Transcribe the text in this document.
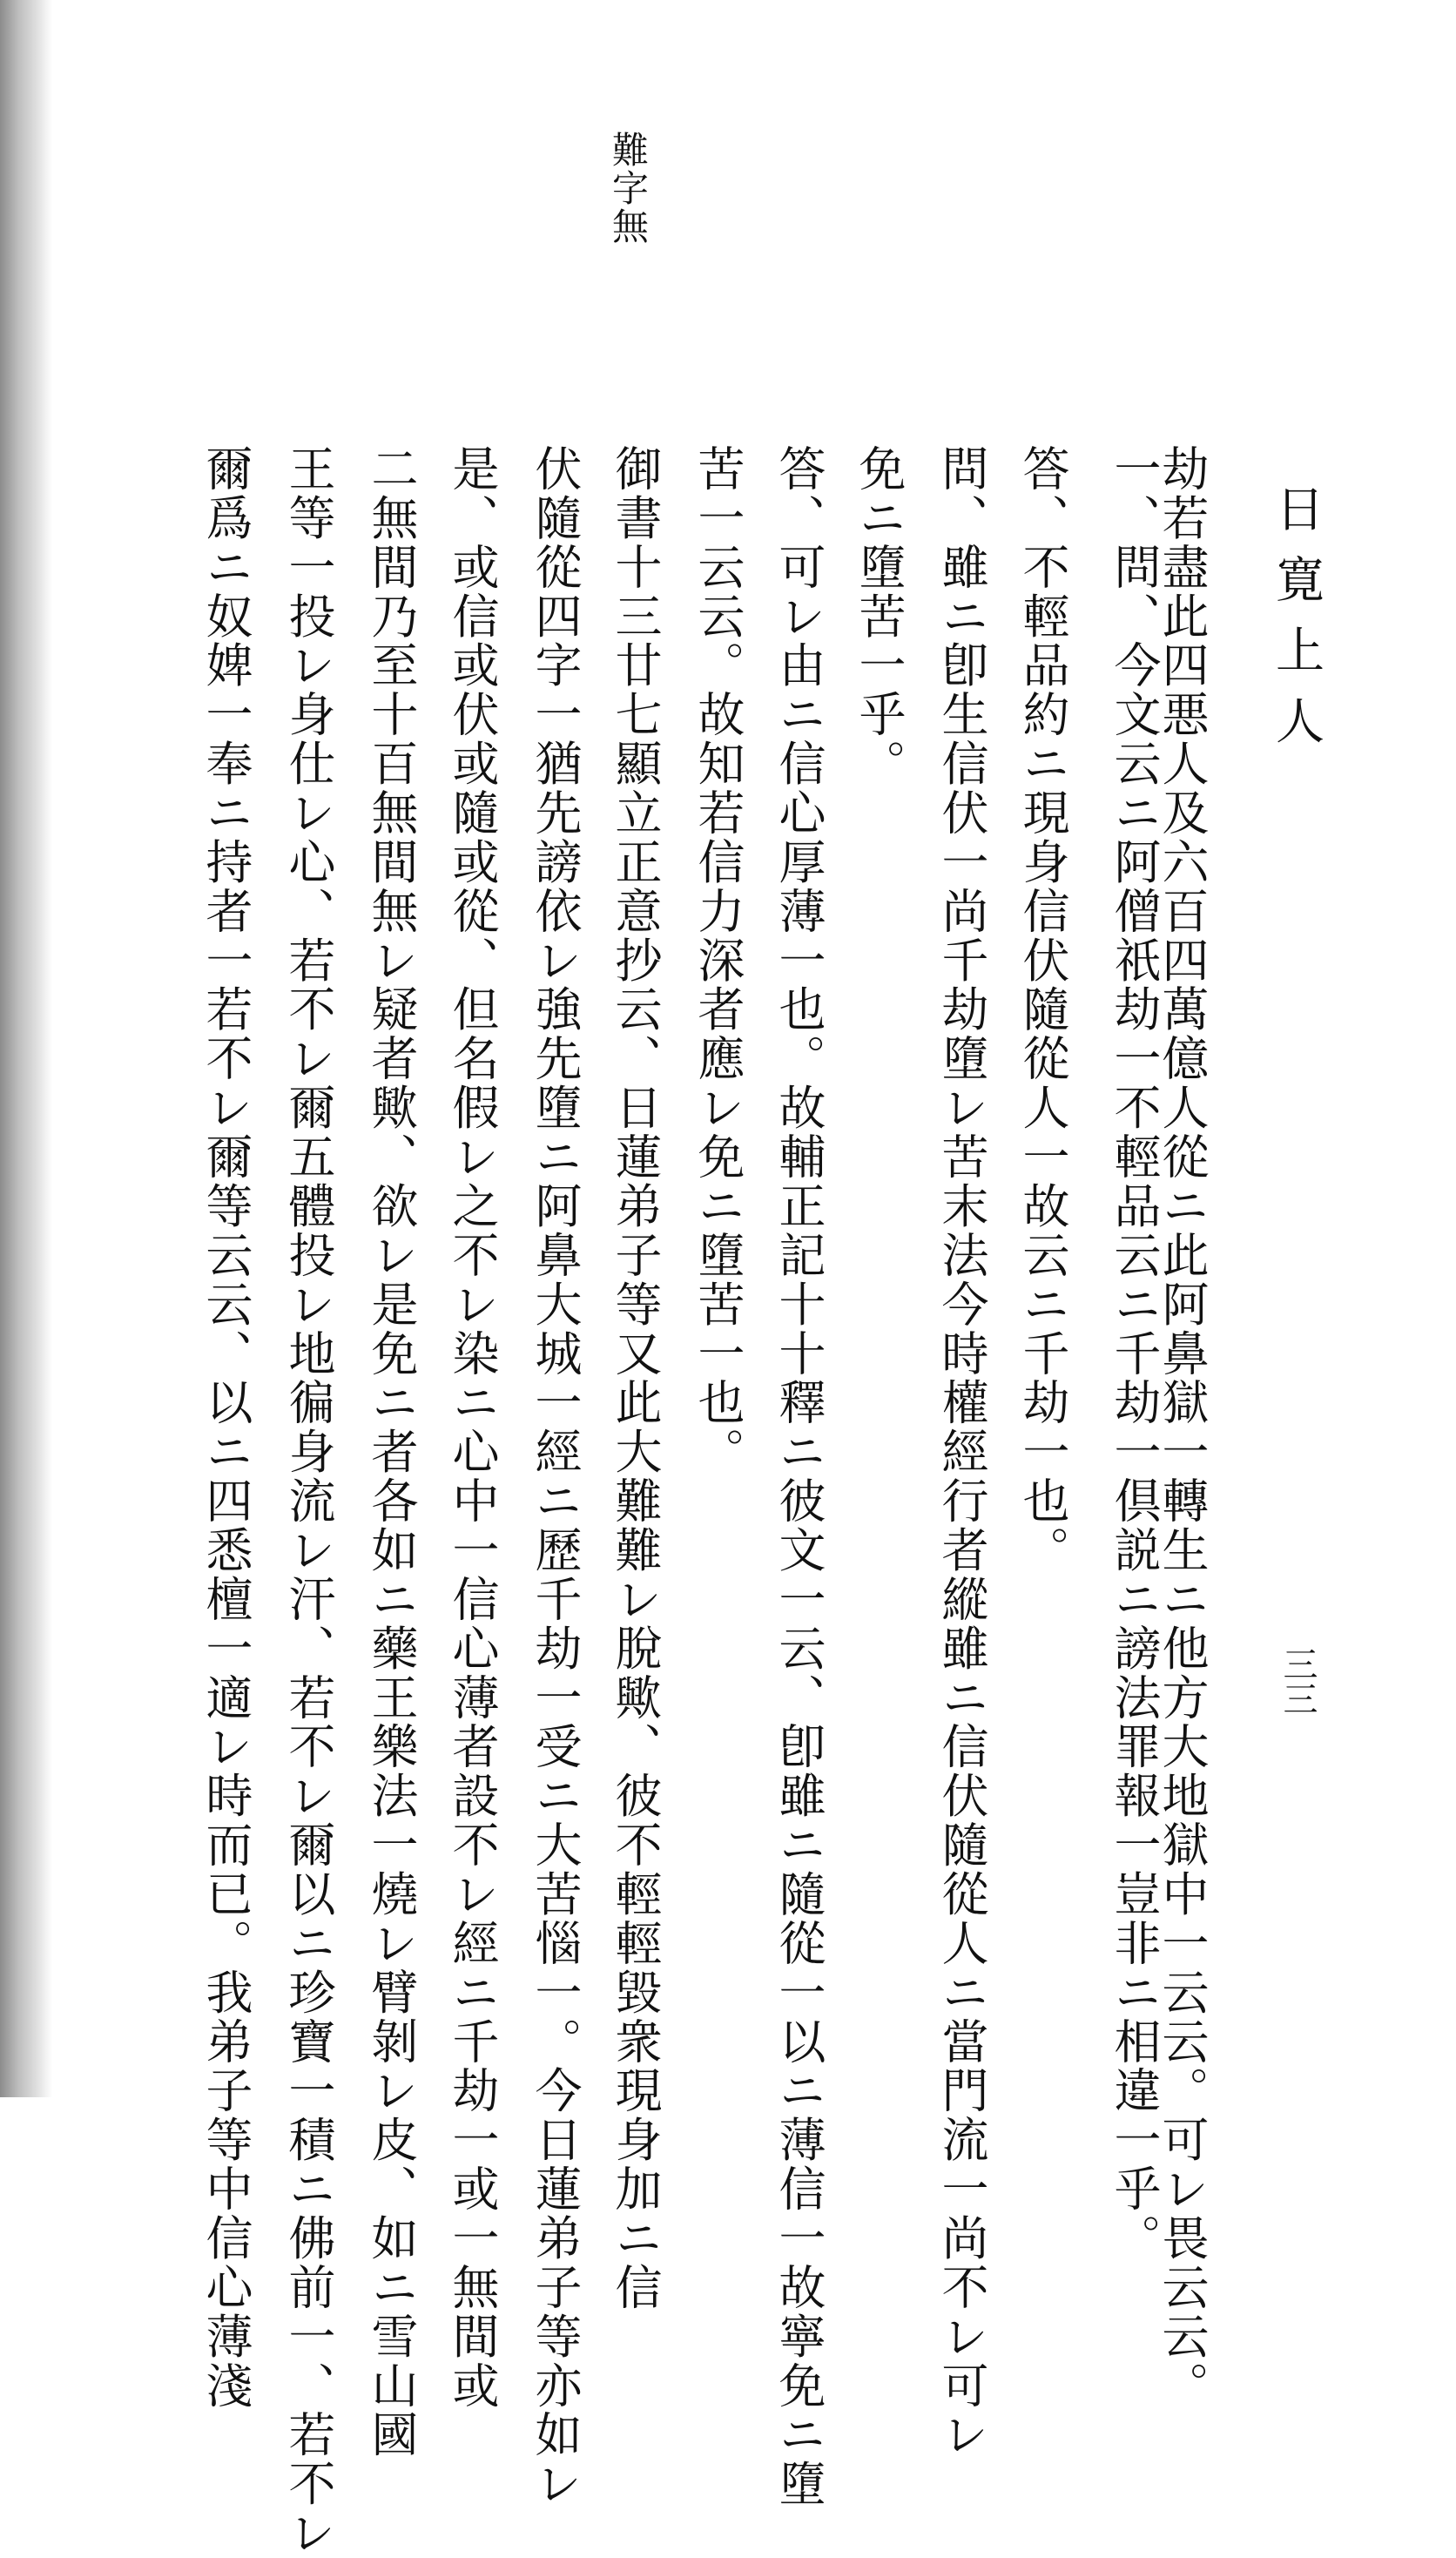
日寛上人
三三
難字無
劫若盡此四悪人及六百四萬億人從ニ此阿鼻獄一轉生ニ他方大地獄中一云云。可レ畏云云。
一、問、今文云ニ阿僧祇劫一不輕品云ニ千劫一倶説ニ謗法罪報一豈非ニ相違一乎。
答、不輕品約ニ現身信伏隨從人一故云ニ千劫一也。
問、雖ニ卽生信伏一尚千劫墮レ苦末法今時權經行者縱雖ニ信伏隨從人ニ當門流一尚不レ可レ
免ニ墮苦一乎。
答、可レ由ニ信心厚薄一也。故輔正記十十釋ニ彼文一云、卽雖ニ隨從一以ニ薄信一故寧免ニ墮
苦一云云。故知若信力深者應レ免ニ墮苦一也。
御書十三廿七顯立正意抄云、日蓮弟子等又此大難難レ脫歟、彼不輕輕毀衆現身加ニ信
伏隨從四字一猶先謗依レ強先墮ニ阿鼻大城一經ニ歷千劫一受ニ大苦惱一。今日蓮弟子等亦如レ
是、或信或伏或隨或從、但名假レ之不レ染ニ心中一信心薄者設不レ經ニ千劫一或一無間或
二無間乃至十百無間無レ疑者歟、欲レ是免ニ者各如ニ藥王樂法一燒レ臂剝レ皮、如ニ雪山國
王等一投レ身仕レ心、若不レ爾五體投レ地徧身流レ汗、若不レ爾以ニ珍寶一積ニ佛前一、若不レ
爾爲ニ奴婢一奉ニ持者一若不レ爾等云云、以ニ四悉檀一適レ時而已。我弟子等中信心薄淺
